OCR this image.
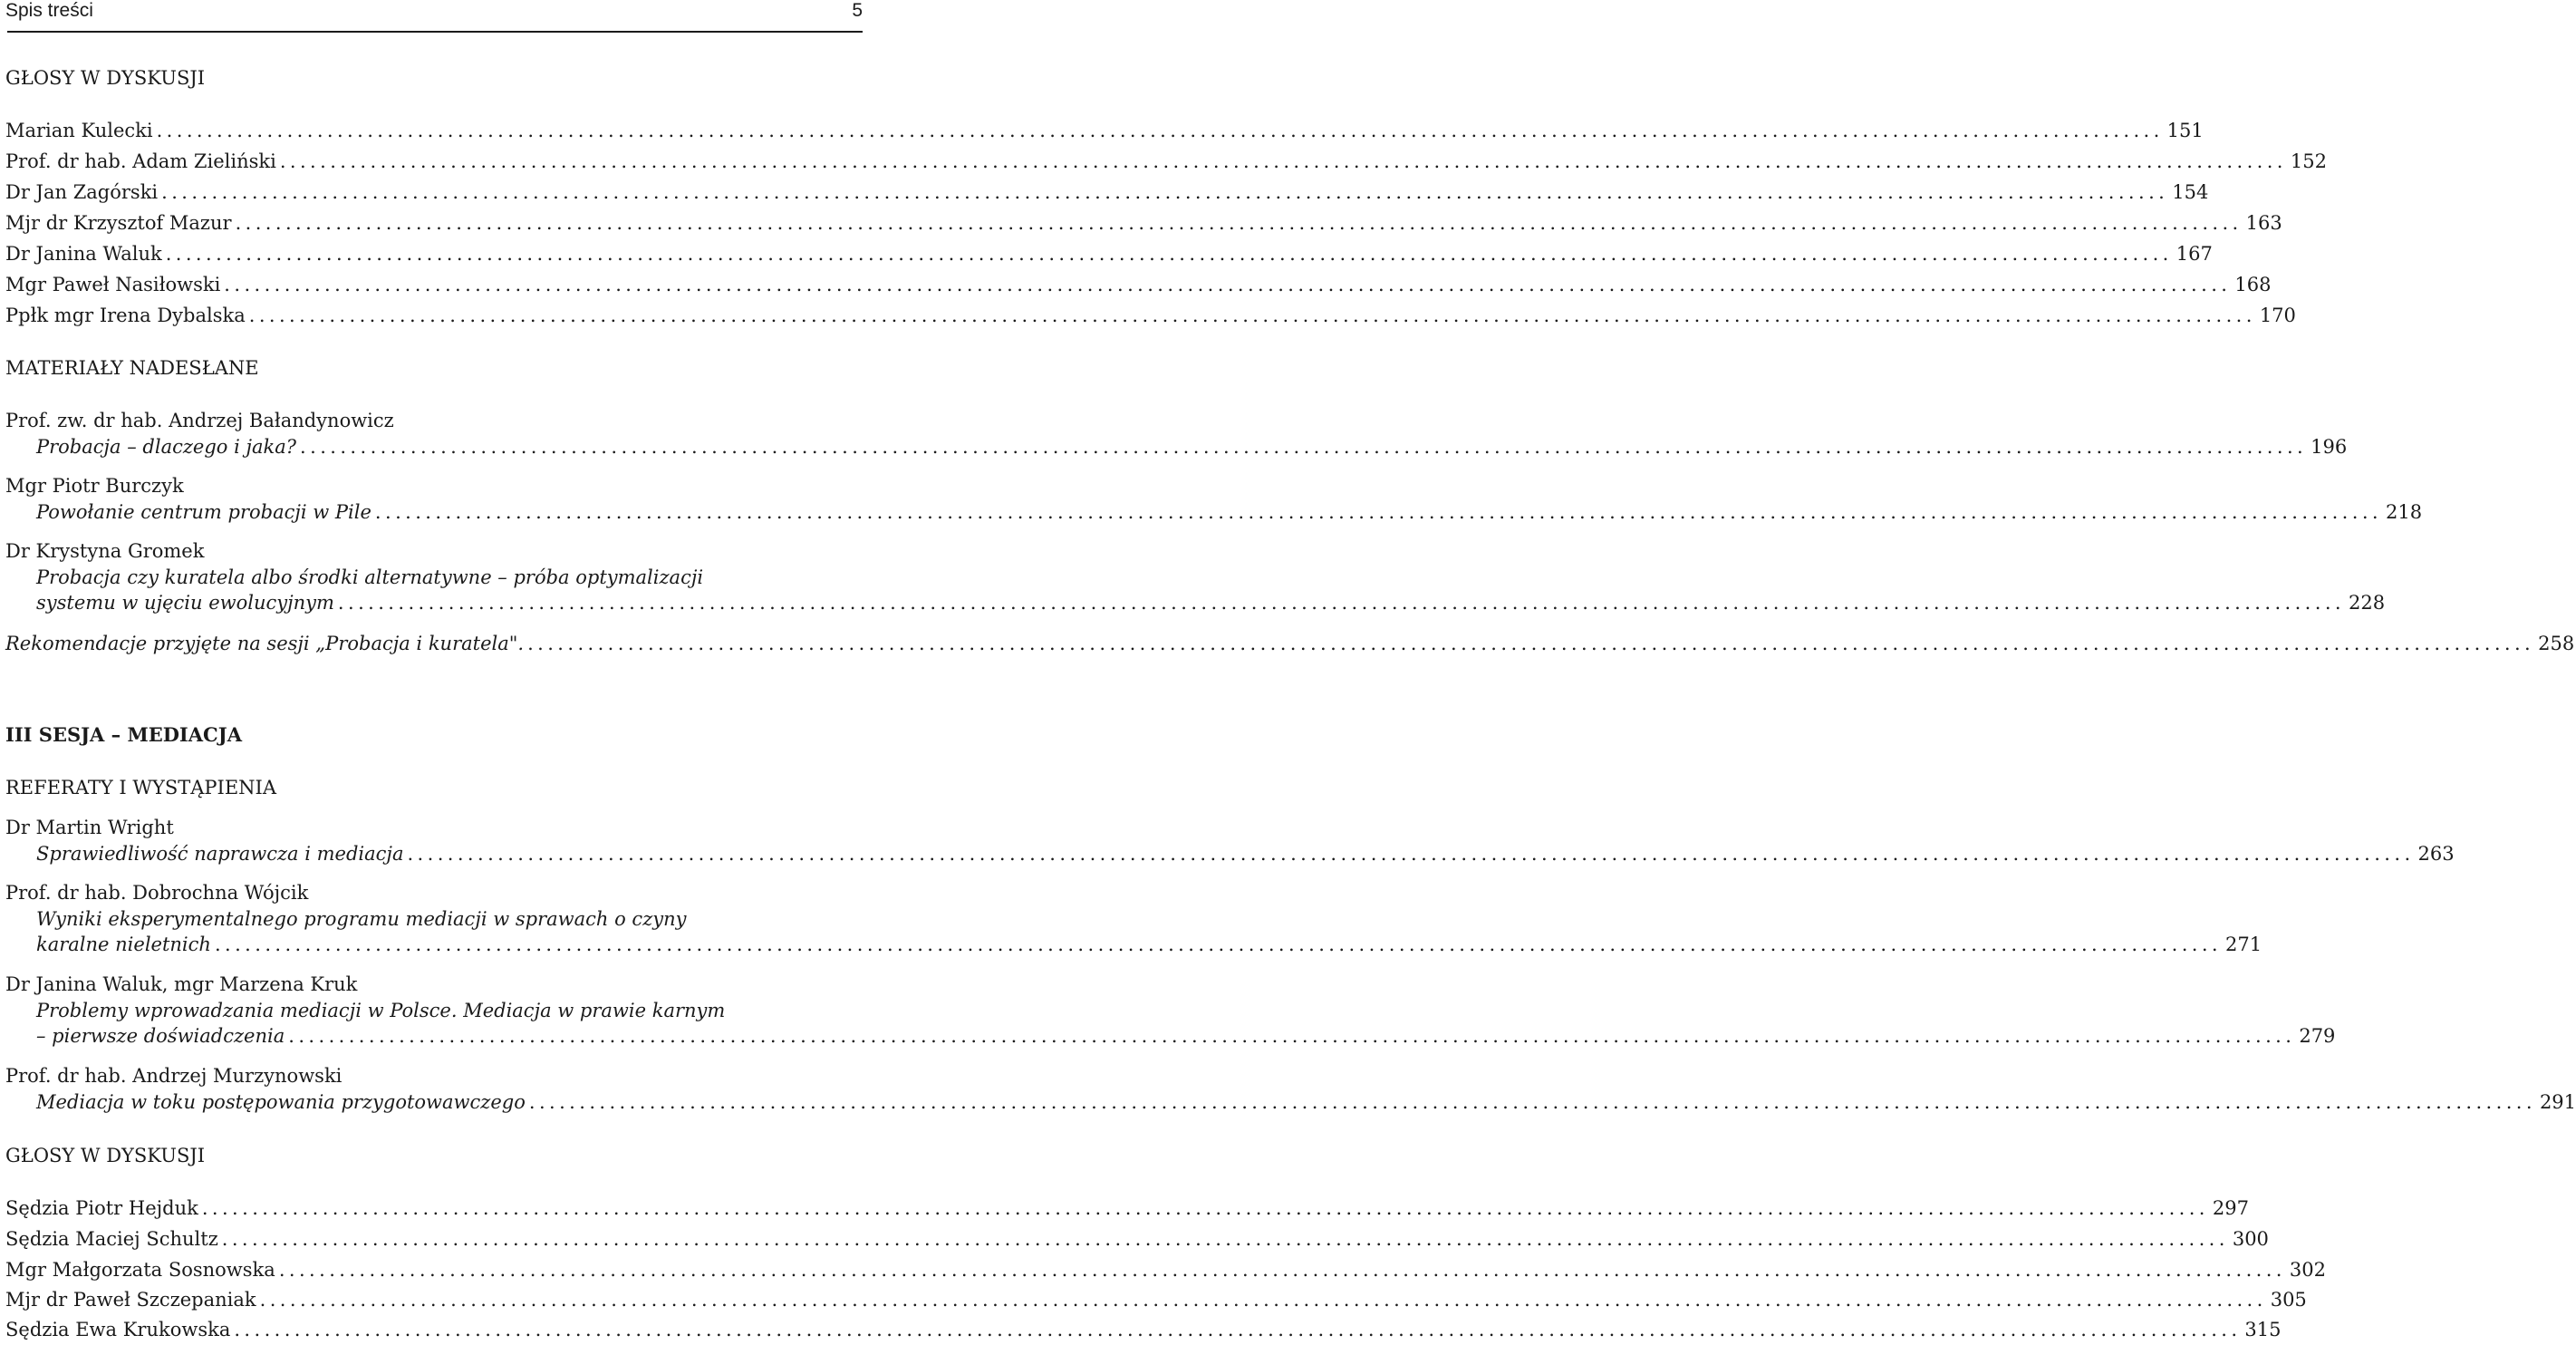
Spis treści	5
GŁOSY W DYSKUSJI
Marian Kulecki ........................................................................................................................................................................................................ 151
Prof. dr hab. Adam Zieliński ........................................................................................................................................................................................................ 152
Dr Jan Zagórski ........................................................................................................................................................................................................ 154
Mjr dr Krzysztof Mazur ........................................................................................................................................................................................................ 163
Dr Janina Waluk ........................................................................................................................................................................................................ 167
Mgr Paweł Nasiłowski ........................................................................................................................................................................................................ 168
Ppłk mgr Irena Dybalska ........................................................................................................................................................................................................ 170
MATERIAŁY NADESŁANE
Prof. zw. dr hab. Andrzej Bałandynowicz
Probacja – dlaczego i jaka? ........................................................................................................................................................................................................ 196
Mgr Piotr Burczyk
Powołanie centrum probacji w Pile ........................................................................................................................................................................................................ 218
Dr Krystyna Gromek
Probacja czy kuratela albo środki alternatywne – próba optymalizacji
systemu w ujęciu ewolucyjnym ........................................................................................................................................................................................................ 228
Rekomendacje przyjęte na sesji „Probacja i kuratela". ........................................................................................................................................................................................................ 258
III SESJA – MEDIACJA
REFERATY I WYSTĄPIENIA
Dr Martin Wright
Sprawiedliwość naprawcza i mediacja ........................................................................................................................................................................................................ 263
Prof. dr hab. Dobrochna Wójcik
Wyniki eksperymentalnego programu mediacji w sprawach o czyny
karalne nieletnich ........................................................................................................................................................................................................ 271
Dr Janina Waluk, mgr Marzena Kruk
Problemy wprowadzania mediacji w Polsce. Mediacja w prawie karnym
– pierwsze doświadczenia ........................................................................................................................................................................................................ 279
Prof. dr hab. Andrzej Murzynowski
Mediacja w toku postępowania przygotowawczego ........................................................................................................................................................................................................ 291
GŁOSY W DYSKUSJI
Sędzia Piotr Hejduk ........................................................................................................................................................................................................ 297
Sędzia Maciej Schultz ........................................................................................................................................................................................................ 300
Mgr Małgorzata Sosnowska ........................................................................................................................................................................................................ 302
Mjr dr Paweł Szczepaniak ........................................................................................................................................................................................................ 305
Sędzia Ewa Krukowska ........................................................................................................................................................................................................ 315
